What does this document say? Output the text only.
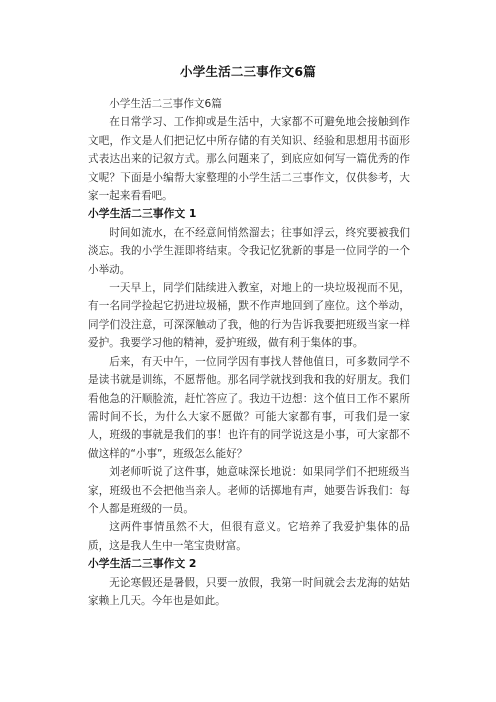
小学生活二三事作文6篇

小学生活二三事作文6篇

在日常学习、工作抑或是生活中，大家都不可避免地会接触到作文吧，作文是人们把记忆中所存储的有关知识、经验和思想用书面形式表达出来的记叙方式。那么问题来了，到底应如何写一篇优秀的作文呢？下面是小编帮大家整理的小学生活二三事作文，仅供参考，大家一起来看看吧。

小学生活二三事作文 1

时间如流水，在不经意间悄然溜去；往事如浮云，终究要被我们淡忘。我的小学生涯即将结束。令我记忆犹新的事是一位同学的一个小举动。

一天早上，同学们陆续进入教室，对地上的一块垃圾视而不见，有一名同学捡起它扔进垃圾桶，默不作声地回到了座位。这个举动，同学们没注意，可深深触动了我，他的行为告诉我要把班级当家一样爱护。我要学习他的精神，爱护班级，做有利于集体的事。

后来，有天中午，一位同学因有事找人替他值日，可多数同学不是读书就是训练，不愿帮他。那名同学就找到我和我的好朋友。我们看他急的汗顺脸流，赶忙答应了。我边干边想：这个值日工作不累所需时间不长，为什么大家不愿做？可能大家都有事，可我们是一家人，班级的事就是我们的事！也许有的同学说这是小事，可大家都不做这样的“小事”，班级怎么能好？

刘老师听说了这件事，她意味深长地说：如果同学们不把班级当家，班级也不会把他当亲人。老师的话掷地有声，她要告诉我们：每个人都是班级的一员。

这两件事情虽然不大，但很有意义。它培养了我爱护集体的品质，这是我人生中一笔宝贵财富。

小学生活二三事作文 2

无论寒假还是暑假，只要一放假，我第一时间就会去龙海的姑姑家赖上几天。今年也是如此。
